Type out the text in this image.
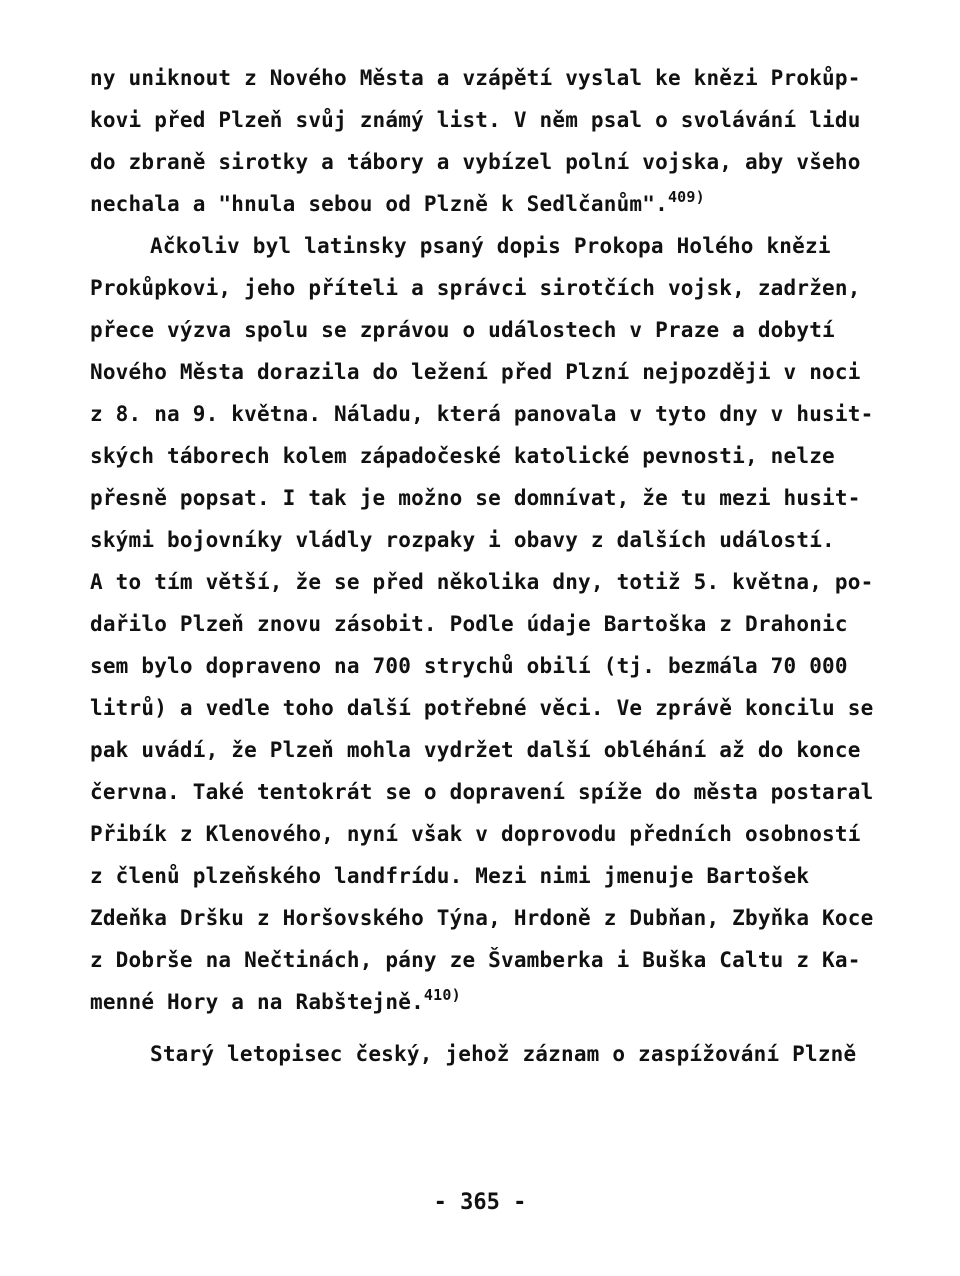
ny uniknout z Nového Města a vzápětí vyslal ke knězi Prokůp-
kovi před Plzeň svůj známý list. V něm psal o svolávání lidu
do zbraně sirotky a tábory a vybízel polní vojska, aby všeho
nechala a "hnula sebou od Plzně k Sedlčanům".$^{409)}$
Ačkoliv byl latinsky psaný dopis Prokopa Holého knězi
Prokůpkovi, jeho příteli a správci sirotčích vojsk, zadržen,
přece výzva spolu se zprávou o událostech v Praze a dobytí
Nového Města dorazila do ležení před Plzní nejpozději v noci
z 8. na 9. května. Náladu, která panovala v tyto dny v husit-
ských táborech kolem západočeské katolické pevnosti, nelze
přesně popsat. I tak je možno se domnívat, že tu mezi husit-
skými bojovníky vládly rozpaky i obavy z dalších událostí.
A to tím větší, že se před několika dny, totiž 5. května, po-
dařilo Plzeň znovu zásobit. Podle údaje Bartoška z Drahonic
sem bylo dopraveno na 700 strychů obilí (tj. bezmála 70 000
litrů) a vedle toho další potřebné věci. Ve zprávě koncilu se
pak uvádí, že Plzeň mohla vydržet další obléhání až do konce
června. Také tentokrát se o dopravení spíže do města postaral
Přibík z Klenového, nyní však v doprovodu předních osobností
z členů plzeňského landfrídu. Mezi nimi jmenuje Bartošek
Zdeňka Dršku z Horšovského Týna, Hrdoně z Dubňan, Zbyňka Koce
z Dobrše na Nečtinách, pány ze Švamberka i Buška Caltu z Ka-
menné Hory a na Rabštejně.$^{410)}$
Starý letopisec český, jehož záznam o zaspížování Plzně
- 365 -
